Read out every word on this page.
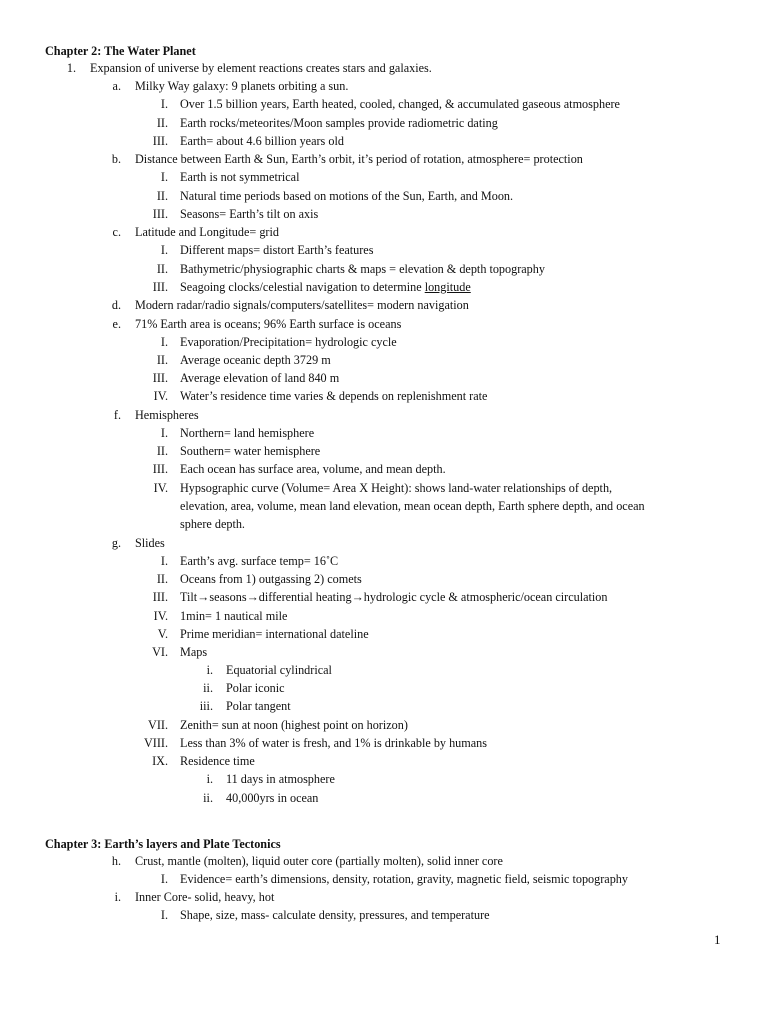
Chapter 2: The Water Planet
1. Expansion of universe by element reactions creates stars and galaxies.
a. Milky Way galaxy: 9 planets orbiting a sun.
I. Over 1.5 billion years, Earth heated, cooled, changed, & accumulated gaseous atmosphere
II. Earth rocks/meteorites/Moon samples provide radiometric dating
III. Earth= about 4.6 billion years old
b. Distance between Earth & Sun, Earth’s orbit, it’s period of rotation, atmosphere= protection
I. Earth is not symmetrical
II. Natural time periods based on motions of the Sun, Earth, and Moon.
III. Seasons= Earth’s tilt on axis
c. Latitude and Longitude= grid
I. Different maps= distort Earth’s features
II. Bathymetric/physiographic charts & maps = elevation & depth topography
III. Seagoing clocks/celestial navigation to determine longitude
d. Modern radar/radio signals/computers/satellites= modern navigation
e. 71% Earth area is oceans; 96% Earth surface is oceans
I. Evaporation/Precipitation= hydrologic cycle
II. Average oceanic depth 3729 m
III. Average elevation of land 840 m
IV. Water’s residence time varies & depends on replenishment rate
f. Hemispheres
I. Northern= land hemisphere
II. Southern= water hemisphere
III. Each ocean has surface area, volume, and mean depth.
IV. Hypsographic curve (Volume= Area X Height): shows land-water relationships of depth,
elevation, area, volume, mean land elevation, mean ocean depth, Earth sphere depth, and ocean
sphere depth.
g. Slides
I. Earth’s avg. surface temp= 16˚C
II. Oceans from 1) outgassing 2) comets
III. Tilt→seasons→differential heating→hydrologic cycle & atmospheric/ocean circulation
IV. 1min= 1 nautical mile
V. Prime meridian= international dateline
VI. Maps
i. Equatorial cylindrical
ii. Polar iconic
iii. Polar tangent
VII. Zenith= sun at noon (highest point on horizon)
VIII. Less than 3% of water is fresh, and 1% is drinkable by humans
IX. Residence time
i. 11 days in atmosphere
ii. 40,000yrs in ocean
Chapter 3: Earth’s layers and Plate Tectonics
h. Crust, mantle (molten), liquid outer core (partially molten), solid inner core
I. Evidence= earth’s dimensions, density, rotation, gravity, magnetic field, seismic topography
i. Inner Core- solid, heavy, hot
I. Shape, size, mass- calculate density, pressures, and temperature
1
